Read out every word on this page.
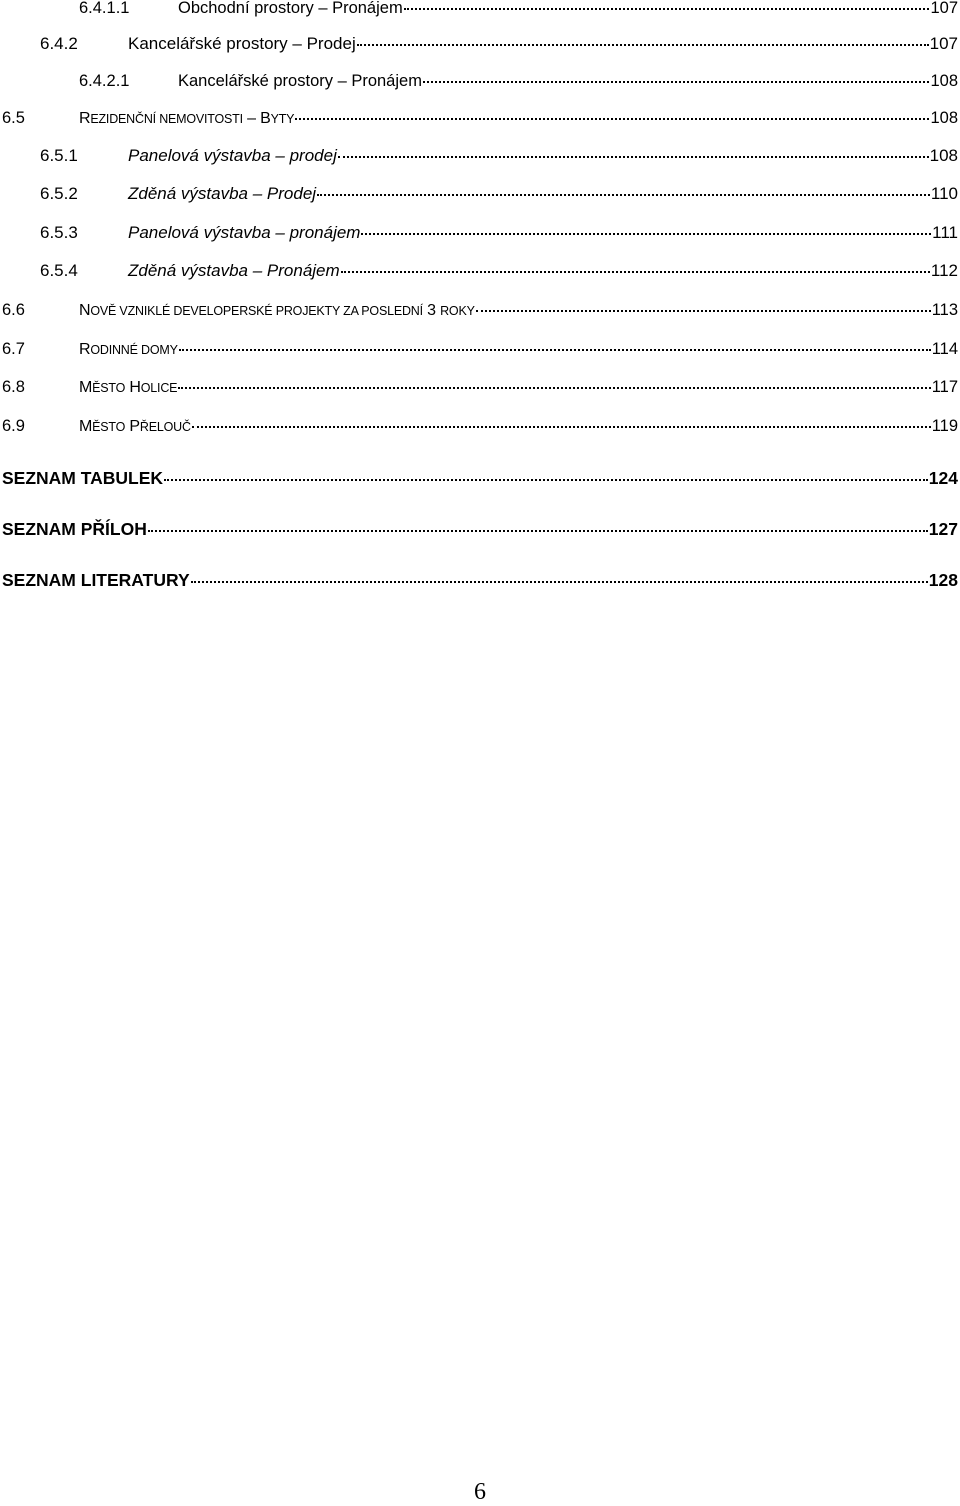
6.4.1.1	Obchodní prostory – Pronájem	107
6.4.2	Kancelářské prostory – Prodej	107
6.4.2.1	Kancelářské prostory – Pronájem	108
6.5	REZIDENČNÍ NEMOVITOSTI – BYTY	108
6.5.1	Panelová výstavba – prodej	108
6.5.2	Zděná výstavba – Prodej	110
6.5.3	Panelová výstavba – pronájem	111
6.5.4	Zděná výstavba – Pronájem	112
6.6	NOVĚ VZNIKLÉ DEVELOPERSKÉ PROJEKTY ZA POSLEDNÍ 3 ROKY	113
6.7	RODINNÉ DOMY	114
6.8	MĚSTO HOLICE	117
6.9	MĚSTO PŘELOUČ	119
SEZNAM TABULEK	124
SEZNAM PŘÍLOH	127
SEZNAM LITERATURY	128
6
